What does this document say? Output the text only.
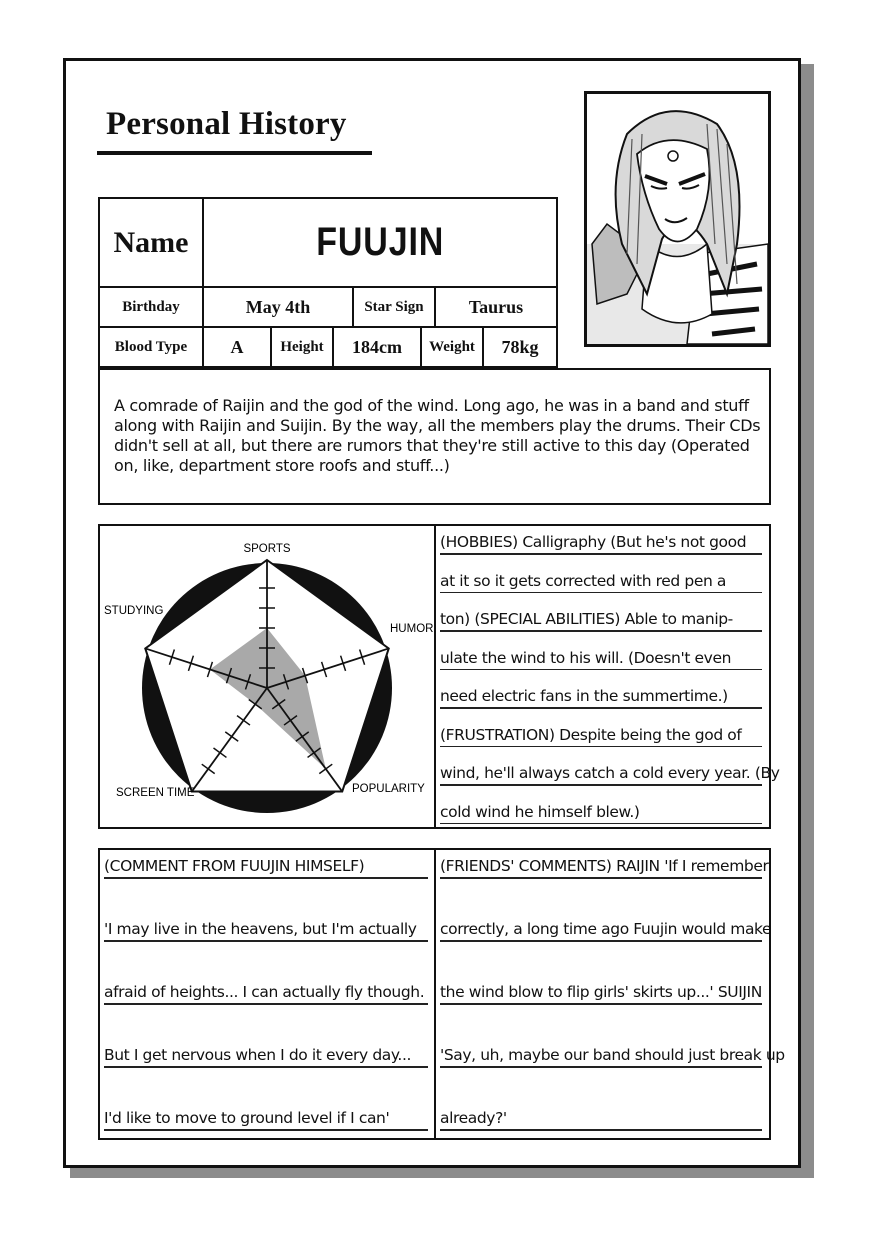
Personal History
Name	FUUJIN
Birthday	May 4th	Star Sign	Taurus
Blood Type	A	Height	184cm	Weight	78kg

A comrade of Raijin and the god of the wind. Long ago, he was in a band and stuff along with Raijin and Suijin. By the way, all the members play the drums. Their CDs didn't sell at all, but there are rumors that they're still active to this day (Operated on, like, department store roofs and stuff...)

SPORTS
HUMOR
POPULARITY
SCREEN TIME
STUDYING
(HOBBIES) Calligraphy (But he's not good
at it so it gets corrected with red pen a
ton) (SPECIAL ABILITIES) Able to manip-
ulate the wind to his will. (Doesn't even
need electric fans in the summertime.)
(FRUSTRATION) Despite being the god of
wind, he'll always catch a cold every year. (By
cold wind he himself blew.)
(COMMENT FROM FUUJIN HIMSELF)
'I may live in the heavens, but I'm actually
afraid of heights... I can actually fly though.
But I get nervous when I do it every day...
I'd like to move to ground level if I can'
(FRIENDS' COMMENTS) RAIJIN 'If I remember
correctly, a long time ago Fuujin would make
the wind blow to flip girls' skirts up...' SUIJIN
'Say, uh, maybe our band should just break up
already?'
